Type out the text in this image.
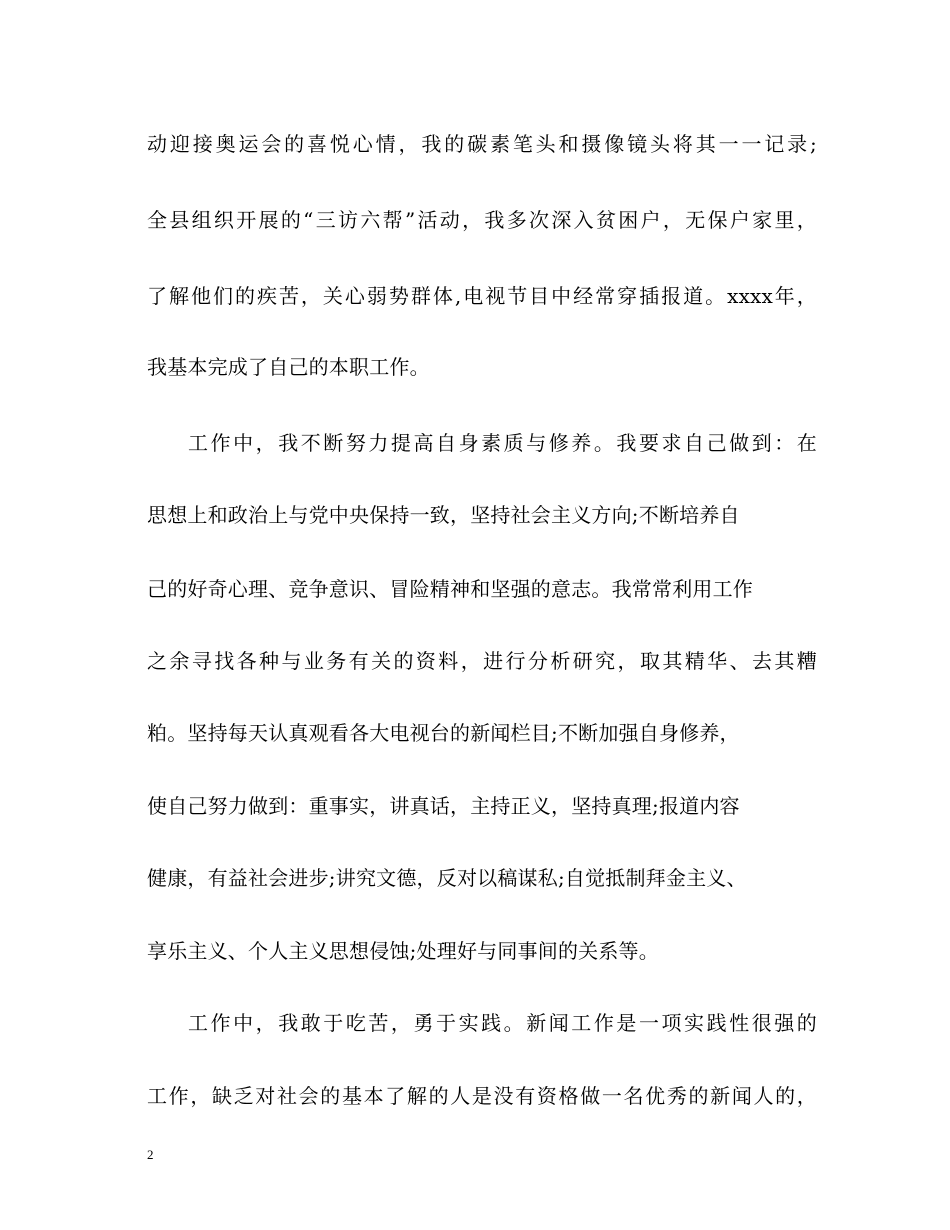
动迎接奥运会的喜悦心情，我的碳素笔头和摄像镜头将其一一记录;
全县组织开展的“三访六帮”活动，我多次深入贫困户，无保户家里，
了解他们的疾苦，关心弱势群体,电视节目中经常穿插报道。xxxx年，
我基本完成了自己的本职工作。
工作中，我不断努力提高自身素质与修养。我要求自己做到：在
思想上和政治上与党中央保持一致，坚持社会主义方向;不断培养自
己的好奇心理、竞争意识、冒险精神和坚强的意志。我常常利用工作
之余寻找各种与业务有关的资料，进行分析研究，取其精华、去其糟
粕。坚持每天认真观看各大电视台的新闻栏目;不断加强自身修养，
使自己努力做到：重事实，讲真话，主持正义，坚持真理;报道内容
健康，有益社会进步;讲究文德，反对以稿谋私;自觉抵制拜金主义、
享乐主义、个人主义思想侵蚀;处理好与同事间的关系等。
工作中，我敢于吃苦，勇于实践。新闻工作是一项实践性很强的
工作，缺乏对社会的基本了解的人是没有资格做一名优秀的新闻人的，
2
